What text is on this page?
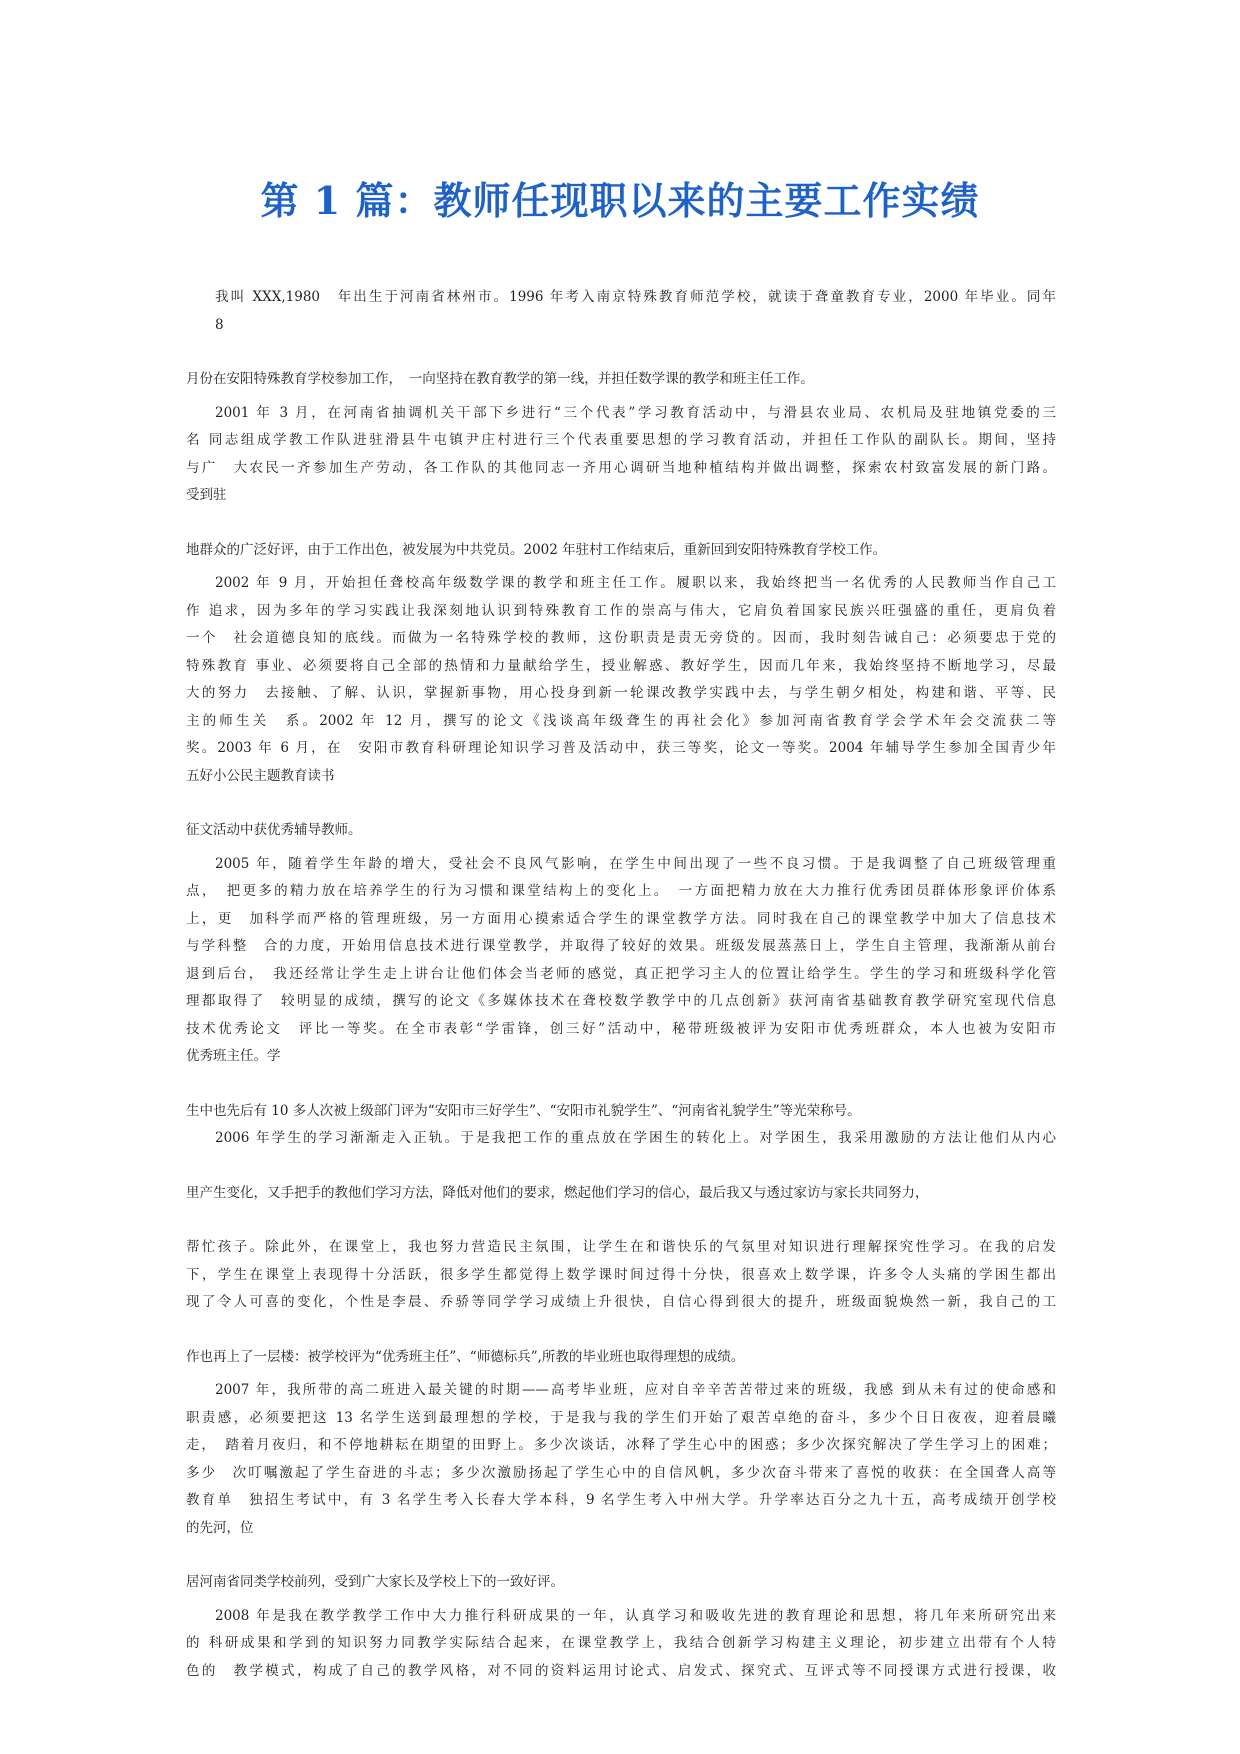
第 1 篇：教师任现职以来的主要工作实绩
我叫 XXX,1980　年出生于河南省林州市。1996 年考入南京特殊教育师范学校，就读于聋童教育专业，2000 年毕业。同年
8
月份在安阳特殊教育学校参加工作，　一向坚持在教育教学的第一线，并担任数学课的教学和班主任工作。
2001 年 3 月，在河南省抽调机关干部下乡进行“三个代表”学习教育活动中，与滑县农业局、农机局及驻地镇党委的三
名 同志组成学教工作队进驻滑县牛屯镇尹庄村进行三个代表重要思想的学习教育活动，并担任工作队的副队长。期间，坚持
与广　大农民一齐参加生产劳动，各工作队的其他同志一齐用心调研当地种植结构并做出调整，探索农村致富发展的新门路。
受到驻
地群众的广泛好评，由于工作出色，被发展为中共党员。2002 年驻村工作结束后，重新回到安阳特殊教育学校工作。
2002 年 9 月，开始担任聋校高年级数学课的教学和班主任工作。履职以来，我始终把当一名优秀的人民教师当作自己工
作 追求，因为多年的学习实践让我深刻地认识到特殊教育工作的崇高与伟大，它肩负着国家民族兴旺强盛的重任，更肩负着
一个　社会道德良知的底线。而做为一名特殊学校的教师，这份职责是责无旁贷的。因而，我时刻告诫自己：必须要忠于党的
特殊教育 事业、必须要将自己全部的热情和力量献给学生，授业解惑、教好学生，因而几年来，我始终坚持不断地学习，尽最
大的努力　去接触、了解、认识，掌握新事物，用心投身到新一轮课改教学实践中去，与学生朝夕相处，构建和谐、平等、民
主的师生关　系。2002 年 12 月，撰写的论文《浅谈高年级聋生的再社会化》参加河南省教育学会学术年会交流获二等
奖。2003 年 6 月，在　安阳市教育科研理论知识学习普及活动中，获三等奖，论文一等奖。2004 年辅导学生参加全国青少年
五好小公民主题教育读书
征文活动中获优秀辅导教师。
2005 年，随着学生年龄的增大，受社会不良风气影响，在学生中间出现了一些不良习惯。于是我调整了自己班级管理重
点，　把更多的精力放在培养学生的行为习惯和课堂结构上的变化上。　一方面把精力放在大力推行优秀团员群体形象评价体系
上，更　加科学而严格的管理班级，另一方面用心摸索适合学生的课堂教学方法。同时我在自己的课堂教学中加大了信息技术
与学科整　合的力度，开始用信息技术进行课堂教学，并取得了较好的效果。班级发展蒸蒸日上，学生自主管理，我渐渐从前台
退到后台，　我还经常让学生走上讲台让他们体会当老师的感觉，真正把学习主人的位置让给学生。学生的学习和班级科学化管
理都取得了　较明显的成绩，撰写的论文《多媒体技术在聋校数学教学中的几点创新》获河南省基础教育教学研究室现代信息
技术优秀论文　评比一等奖。在全市表彰“学雷锋，创三好”活动中，秘带班级被评为安阳市优秀班群众，本人也被为安阳市
优秀班主任。学
生中也先后有 10 多人次被上级部门评为“安阳市三好学生”、“安阳市礼貌学生”、“河南省礼貌学生”等光荣称号。
2006 年学生的学习渐渐走入正轨。于是我把工作的重点放在学困生的转化上。对学困生，我采用激励的方法让他们从内心
里产生变化，又手把手的教他们学习方法，降低对他们的要求，燃起他们学习的信心，最后我又与透过家访与家长共同努力，
帮忙孩子。除此外，在课堂上，我也努力营造民主氛围，让学生在和谐快乐的气氛里对知识进行理解探究性学习。在我的启发
下，学生在课堂上表现得十分活跃，很多学生都觉得上数学课时间过得十分快，很喜欢上数学课，许多令人头痛的学困生都出
现了令人可喜的变化，个性是李晨、乔骄等同学学习成绩上升很快，自信心得到很大的提升，班级面貌焕然一新，我自己的工
作也再上了一层楼：被学校评为“优秀班主任”、“师德标兵”,所教的毕业班也取得理想的成绩。
2007 年，我所带的高二班进入最关键的时期——高考毕业班，应对自辛辛苦苦带过来的班级，我感 到从未有过的使命感和
职责感，必须要把这 13 名学生送到最理想的学校，于是我与我的学生们开始了艰苦卓绝的奋斗，多少个日日夜夜，迎着晨曦
走，　踏着月夜归，和不停地耕耘在期望的田野上。多少次谈话，冰释了学生心中的困惑；多少次探究解决了学生学习上的困难；
多少　次叮嘱激起了学生奋进的斗志；多少次激励扬起了学生心中的自信风帆，多少次奋斗带来了喜悦的收获：在全国聋人高等
教育单　独招生考试中，有 3 名学生考入长春大学本科，9 名学生考入中州大学。升学率达百分之九十五，高考成绩开创学校
的先河，位
居河南省同类学校前列，受到广大家长及学校上下的一致好评。
2008 年是我在教学教学工作中大力推行科研成果的一年，认真学习和吸收先进的教育理论和思想，将几年来所研究出来
的 科研成果和学到的知识努力同教学实际结合起来，在课堂教学上，我结合创新学习构建主义理论，初步建立出带有个人特
色的　教学模式，构成了自己的教学风格，对不同的资料运用讨论式、启发式、探究式、互评式等不同授课方式进行授课，收
